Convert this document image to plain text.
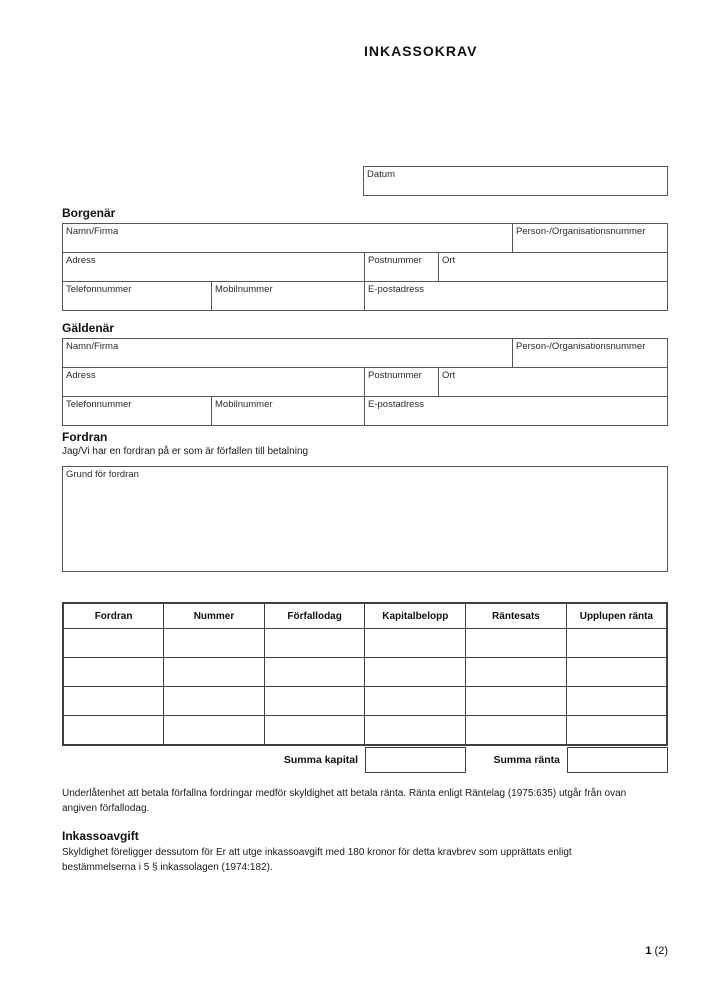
INKASSOKRAV
Datum
Borgenär
Namn/Firma	Person-/Organisationsnummer
Adress	Postnummer	Ort
Telefonnummer	Mobilnummer	E-postadress
Gäldenär
Namn/Firma	Person-/Organisationsnummer
Adress	Postnummer	Ort
Telefonnummer	Mobilnummer	E-postadress
Fordran
Jag/Vi har en fordran på er som är förfallen till betalning
Grund för fordran
Fordran	Nummer	Förfallodag	Kapitalbelopp	Räntesats	Upplupen ränta

Summa kapital	Summa ränta
Underlåtenhet att betala förfallna fordringar medför skyldighet att betala ränta. Ränta enligt Räntelag (1975:635) utgår från ovan angiven förfallodag.
Inkassoavgift
Skyldighet föreligger dessutom för Er att utge inkassoavgift med 180 kronor för detta kravbrev som upprättats enligt bestämmelserna i 5 § inkassolagen (1974:182).
1 (2)
